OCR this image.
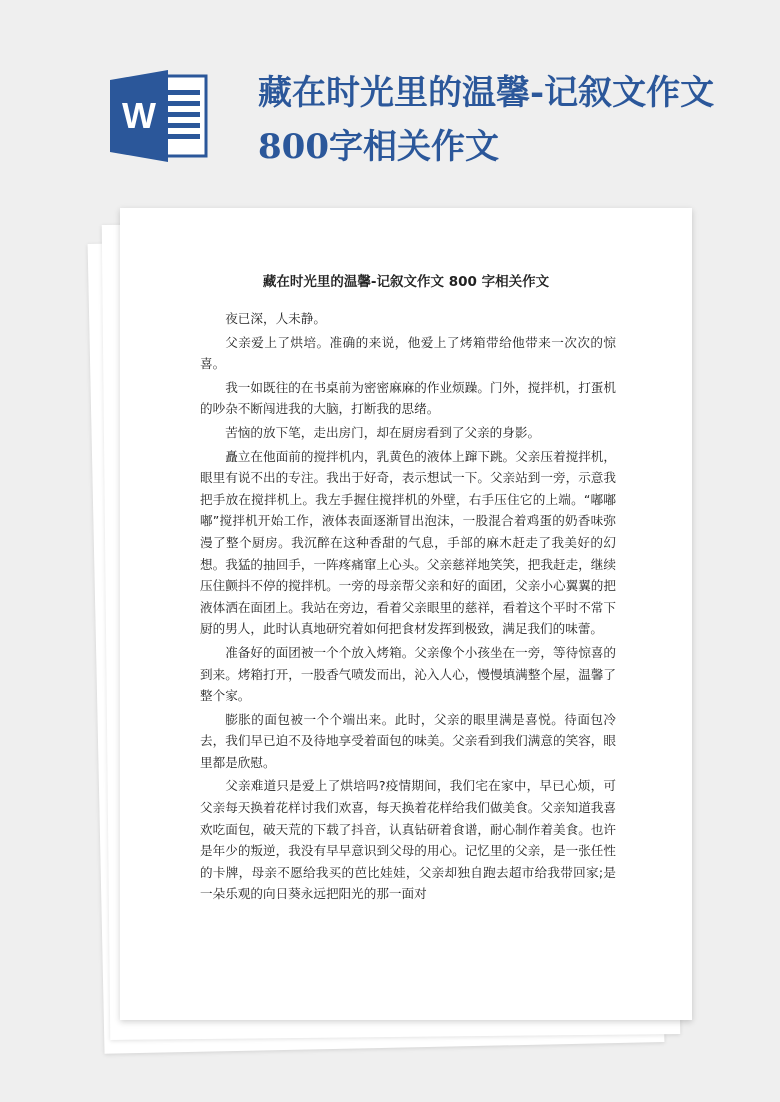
W
藏在时光里的温馨-记叙文作文800字相关作文
藏在时光里的温馨-记叙文作文 800 字相关作文

夜已深，人未静。

父亲爱上了烘培。准确的来说，他爱上了烤箱带给他带来一次次的惊喜。

我一如既往的在书桌前为密密麻麻的作业烦躁。门外，搅拌机，打蛋机的吵杂不断闯进我的大脑，打断我的思绪。

苦恼的放下笔，走出房门，却在厨房看到了父亲的身影。

矗立在他面前的搅拌机内，乳黄色的液体上蹿下跳。父亲压着搅拌机，眼里有说不出的专注。我出于好奇，表示想试一下。父亲站到一旁，示意我把手放在搅拌机上。我左手握住搅拌机的外壁，右手压住它的上端。“嘟嘟嘟”搅拌机开始工作，液体表面逐渐冒出泡沫，一股混合着鸡蛋的奶香味弥漫了整个厨房。我沉醉在这种香甜的气息，手部的麻木赶走了我美好的幻想。我猛的抽回手，一阵疼痛窜上心头。父亲慈祥地笑笑，把我赶走，继续压住颤抖不停的搅拌机。一旁的母亲帮父亲和好的面团，父亲小心翼翼的把液体洒在面团上。我站在旁边，看着父亲眼里的慈祥，看着这个平时不常下厨的男人，此时认真地研究着如何把食材发挥到极致，满足我们的味蕾。

准备好的面团被一个个放入烤箱。父亲像个小孩坐在一旁，等待惊喜的到来。烤箱打开，一股香气喷发而出，沁入人心，慢慢填满整个屋，温馨了整个家。

膨胀的面包被一个个端出来。此时，父亲的眼里满是喜悦。待面包冷去，我们早已迫不及待地享受着面包的味美。父亲看到我们满意的笑容，眼里都是欣慰。

父亲难道只是爱上了烘培吗?疫情期间，我们宅在家中，早已心烦，可父亲每天换着花样讨我们欢喜，每天换着花样给我们做美食。父亲知道我喜欢吃面包，破天荒的下载了抖音，认真钻研着食谱，耐心制作着美食。也许是年少的叛逆，我没有早早意识到父母的用心。记忆里的父亲，是一张任性的卡牌，母亲不愿给我买的芭比娃娃，父亲却独自跑去超市给我带回家;是一朵乐观的向日葵永远把阳光的那一面对
